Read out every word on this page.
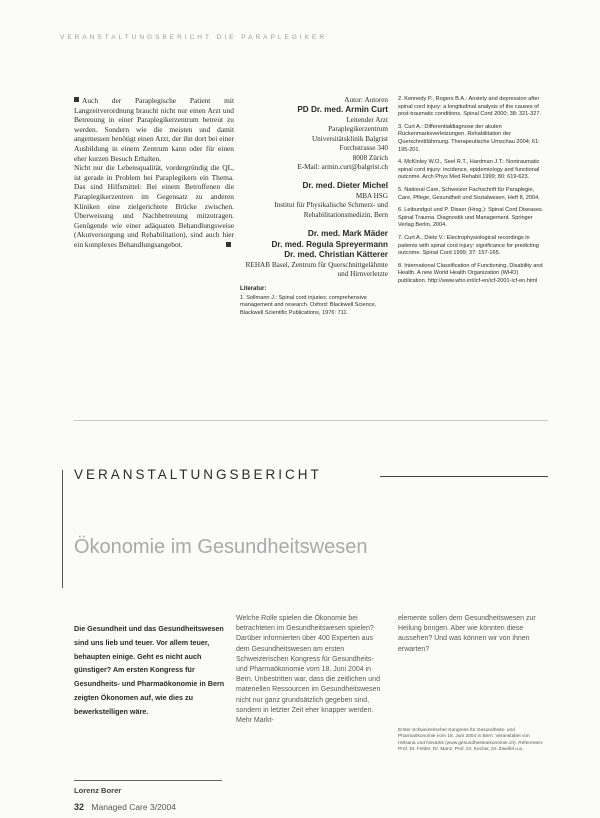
VERANSTALTUNGSBERICHT DIE PARAPLEGIKER

Auch der Paraplegische Patient mit Langzeitverordnung braucht nicht nur einen Arzt und Betreuung in einer Paraplegikerzentrum betreut zu werden. Sondern wie die meisten und damit angemessen benötigt einen Arzt, der ihn dort bei einer Ausbildung in einem Zentrum kann oder für einen eher kurzen Besuch Erhalten.

Nicht nur die Lebensqualität, vordergründig die QL, ist gerade in Problem bei Paraplegikern ein Thema. Das sind Hilfsmittel: Bei einem Betroffenen die Paraplegikerzentren im Gegensatz zu anderen Kliniken eine zielgerichtete Brücke zwischen. Überweisung und Nachbetreuung mitzutragen. Genügende wie einer adäquaten Behandlungsweise (Akutversorgung und Rehabilitation), sind auch hier ein komplexes Behandlungsangebot.

Autor: Autoren
PD Dr. med. Armin Curt
Leitender Arzt
Paraplegikerzentrum
Universitätsklinik Balgrist
Forchstrasse 340
8008 Zürich
E-Mail: armin.curt@balgrist.ch
Dr. med. Dieter Michel
MBA HSG
Institut für Physikalische Schmerz- und Rehabilitationsmedizin, Bern
Dr. med. Mark Mäder
Dr. med. Regula Spreyermann
Dr. med. Christian Kätterer
REHAB Basel, Zentrum für Querschnittgelähmte und Hirnverletzte
Literatur:
1. Sollmann J.: Spinal cord injuries: comprehensive management and research. Oxford: Blackwell Science, Blackwell Scientific Publications, 1976: 711.
2. Kennedy P., Rogers B.A.: Anxiety and depression after spinal cord injury: a longitudinal analysis of the causes of post-traumatic conditions. Spinal Cord 2000; 38: 321-327.
3. Curt A.: Differentialdiagnose der akuten Rückenmarksverletzungen. Rehabilitation der Querschnittlähmung. Therapeutische Umschau 2004; 61: 195-201.
4. McKinley W.O., Seel R.T., Hardman J.T.: Nontraumatic spinal cord injury: incidence, epidemiology and functional outcome. Arch Phys Med Rehabil 1999; 80: 619-623.
5. National Care, Schweizer Fachschrift für Paraplegie, Care, Pflege, Gesundheit und Sozialwesen, Heft 8, 2004.
6. Leibundgut und P. Disser (Hrsg.): Spinal Cord Diseases. Spinal Trauma. Diagnostik und Management. Springer Verlag Berlin, 2004.
7. Curt A., Dietz V.: Electrophysiological recordings in patients with spinal cord injury: significance for predicting outcome. Spinal Cord 1999; 37: 157-165.
8. International Classification of Functioning, Disability and Health. A new World Health Organization (WHO) publication. http://www.who.int/icf-en/icf-2001-icf-en.html
VERANSTALTUNGSBERICHT
Ökonomie im Gesundheitswesen
Die Gesundheit und das Gesundheitswesen sind uns lieb und teuer. Vor allem teuer, behaupten einige. Geht es nicht auch günstiger? Am ersten Kongress für Gesundheits- und Pharmaökonomie in Bern zeigten Ökonomen auf, wie dies zu bewerkstelligen wäre.
Lorenz Borer
Welche Rolle spielen die Ökonomie bei betrachteten im Gesundheitswesen spielen? Darüber informierten über 400 Experten aus dem Gesundheitswesen am ersten Schweizerischen Kongress für Gesundheits- und Pharmaökonomie vom 18. Juni 2004 in Bern. Unbestritten war, dass die zeitlichen und materiellen Ressourcen im Gesundheitswesen nicht nur ganz grundsätzlich gegeben sind, sondern in letzter Zeit eher knapper werden. Mehr Markt-
elemente sollen dem Gesundheitswesen zur Heilung bringen. Aber wie könnten diese aussehen? Und was können wir von ihnen erwarten?
Erster Schweizerischer Kongress für Gesundheits- und Pharmaökonomie vom 18. Juni 2004 in Bern. Veranstaltet von Helsana und Novartis (www.gesundheitsoekonomie.ch). Referenten: Prof. Dr. Felder, Dr. Manz, Prof. Dr. Kocher, Dr. Zweifel u.a.
32 Managed Care 3/2004
